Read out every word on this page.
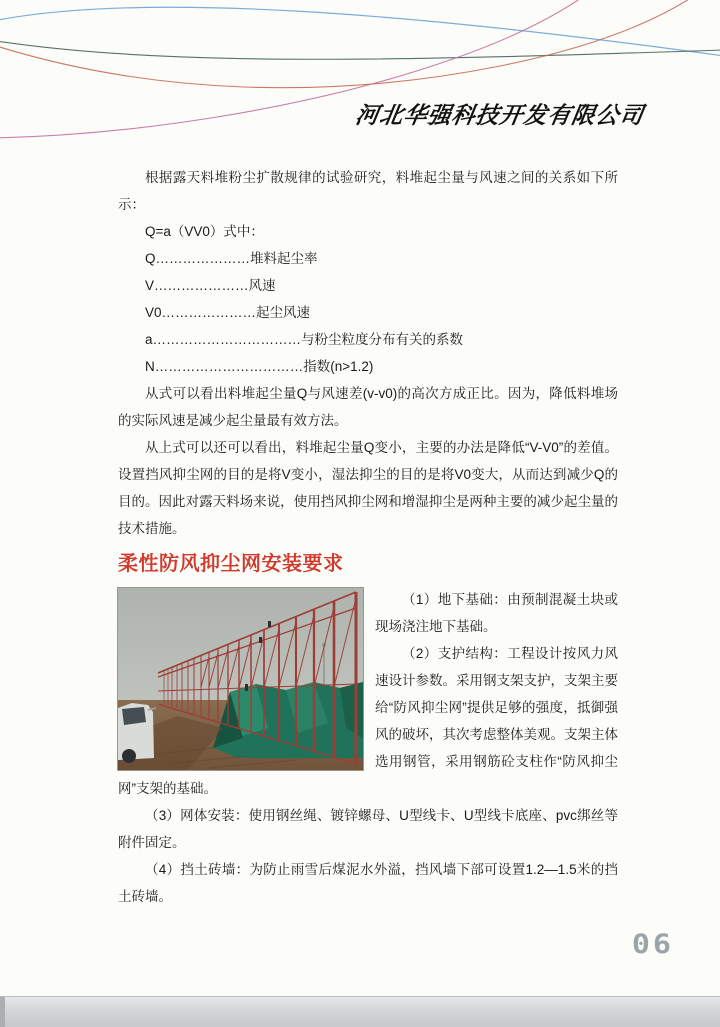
河北华强科技开发有限公司

根据露天料堆粉尘扩散规律的试验研究，料堆起尘量与风速之间的关系如下所示：

Q=a（VV0）式中：

Q…………………堆料起尘率

V…………………风速

V0…………………起尘风速

a……………………………与粉尘粒度分布有关的系数

N……………………………指数(n>1.2)

从式可以看出料堆起尘量Q与风速差(v-v0)的高次方成正比。因为，降低料堆场的实际风速是减少起尘量最有效方法。

从上式可以还可以看出，料堆起尘量Q变小，主要的办法是降低“V-V0”的差值。设置挡风抑尘网的目的是将V变小，湿法抑尘的目的是将V0变大，从而达到减少Q的目的。因此对露天料场来说，使用挡风抑尘网和增湿抑尘是两种主要的减少起尘量的技术措施。

柔性防风抑尘网安装要求

（1）地下基础：由预制混凝土块或现场浇注地下基础。

（2）支护结构：工程设计按风力风速设计参数。采用钢支架支护，支架主要给“防风抑尘网”提供足够的强度，抵御强风的破坏，其次考虑整体美观。支架主体选用钢管，采用钢筋砼支柱作“防风抑尘网”支架的基础。

（3）网体安装：使用钢丝绳、镀锌螺母、U型线卡、U型线卡底座、pvc绑丝等附件固定。

（4）挡土砖墙：为防止雨雪后煤泥水外溢，挡风墙下部可设置1.2—1.5米的挡土砖墙。

06
